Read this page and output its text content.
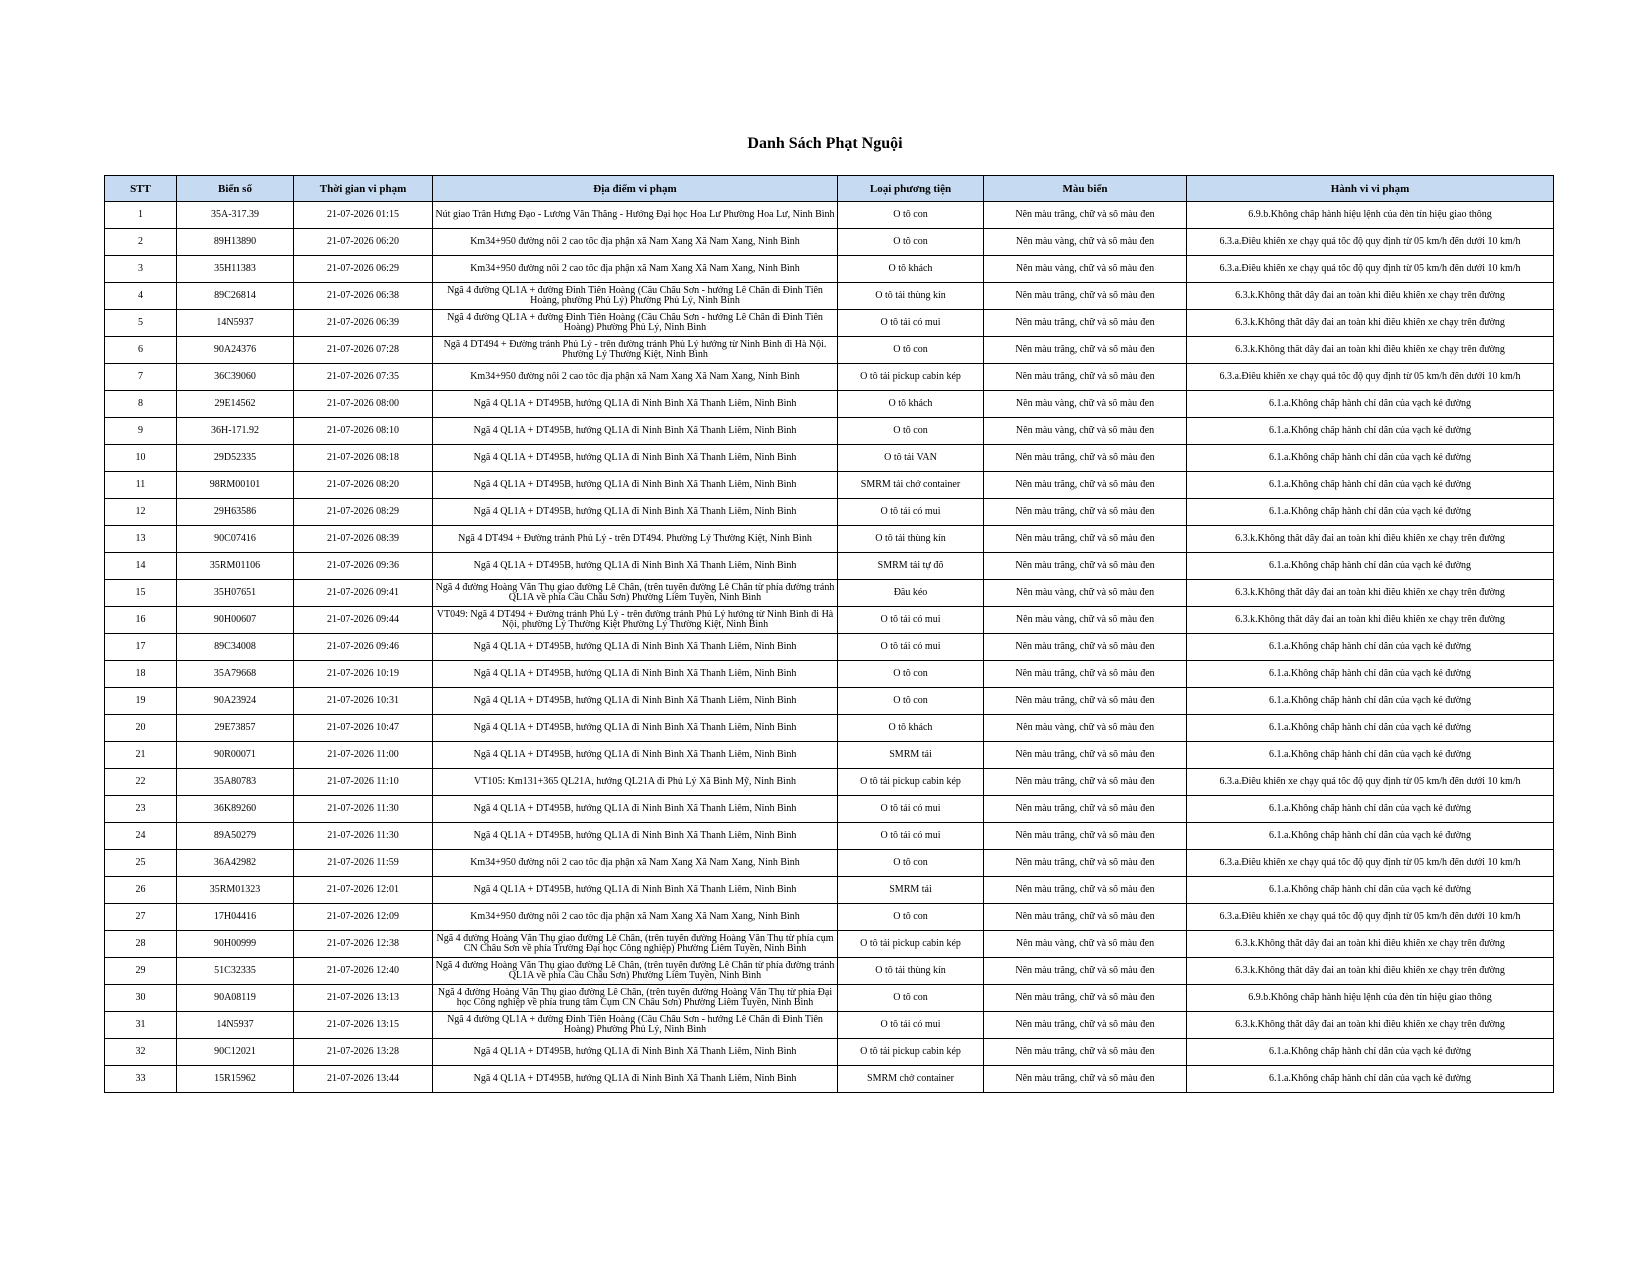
Danh Sách Phạt Nguội
STT	Biển số	Thời gian vi phạm	Địa điểm vi phạm	Loại phương tiện	Màu biển	Hành vi vi phạm

1	35A-317.39	21-07-2026 01:15	Nút giao Trần Hưng Đạo - Lương Văn Thăng - Hướng Đại học Hoa Lư Phường Hoa Lư, Ninh Bình	Ô tô con	Nền màu trắng, chữ và số màu đen	6.9.b.Không chấp hành hiệu lệnh của đèn tín hiệu giao thông

2	89H13890	21-07-2026 06:20	Km34+950 đường nối 2 cao tốc địa phận xã Nam Xang Xã Nam Xang, Ninh Bình	Ô tô con	Nền màu vàng, chữ và số màu đen	6.3.a.Điều khiển xe chạy quá tốc độ quy định từ 05 km/h đến dưới 10 km/h

3	35H11383	21-07-2026 06:29	Km34+950 đường nối 2 cao tốc địa phận xã Nam Xang Xã Nam Xang, Ninh Bình	Ô tô khách	Nền màu vàng, chữ và số màu đen	6.3.a.Điều khiển xe chạy quá tốc độ quy định từ 05 km/h đến dưới 10 km/h

4	89C26814	21-07-2026 06:38	Ngã 4 đường QL1A + đường Đinh Tiên Hoàng (Cầu Châu Sơn - hướng Lê Chân đi Đinh Tiên Hoàng, phường Phủ Lý) Phường Phủ Lý, Ninh Bình	Ô tô tải thùng kín	Nền màu trắng, chữ và số màu đen	6.3.k.Không thắt dây đai an toàn khi điều khiển xe chạy trên đường

5	14N5937	21-07-2026 06:39	Ngã 4 đường QL1A + đường Đinh Tiên Hoàng (Cầu Châu Sơn - hướng Lê Chân đi Đinh Tiên Hoàng) Phường Phủ Lý, Ninh Bình	Ô tô tải có mui	Nền màu trắng, chữ và số màu đen	6.3.k.Không thắt dây đai an toàn khi điều khiển xe chạy trên đường

6	90A24376	21-07-2026 07:28	Ngã 4 DT494 + Đường tránh Phủ Lý - trên đường tránh Phủ Lý hướng từ Ninh Bình đi Hà Nội. Phường Lý Thường Kiệt, Ninh Bình	Ô tô con	Nền màu trắng, chữ và số màu đen	6.3.k.Không thắt dây đai an toàn khi điều khiển xe chạy trên đường

7	36C39060	21-07-2026 07:35	Km34+950 đường nối 2 cao tốc địa phận xã Nam Xang Xã Nam Xang, Ninh Bình	Ô tô tải pickup cabin kép	Nền màu trắng, chữ và số màu đen	6.3.a.Điều khiển xe chạy quá tốc độ quy định từ 05 km/h đến dưới 10 km/h

8	29E14562	21-07-2026 08:00	Ngã 4 QL1A + DT495B, hướng QL1A đi Ninh Bình Xã Thanh Liêm, Ninh Bình	Ô tô khách	Nền màu vàng, chữ và số màu đen	6.1.a.Không chấp hành chỉ dẫn của vạch kẻ đường

9	36H-171.92	21-07-2026 08:10	Ngã 4 QL1A + DT495B, hướng QL1A đi Ninh Bình Xã Thanh Liêm, Ninh Bình	Ô tô con	Nền màu vàng, chữ và số màu đen	6.1.a.Không chấp hành chỉ dẫn của vạch kẻ đường

10	29D52335	21-07-2026 08:18	Ngã 4 QL1A + DT495B, hướng QL1A đi Ninh Bình Xã Thanh Liêm, Ninh Bình	Ô tô tải VAN	Nền màu trắng, chữ và số màu đen	6.1.a.Không chấp hành chỉ dẫn của vạch kẻ đường

11	98RM00101	21-07-2026 08:20	Ngã 4 QL1A + DT495B, hướng QL1A đi Ninh Bình Xã Thanh Liêm, Ninh Bình	SMRM tải chở container	Nền màu trắng, chữ và số màu đen	6.1.a.Không chấp hành chỉ dẫn của vạch kẻ đường

12	29H63586	21-07-2026 08:29	Ngã 4 QL1A + DT495B, hướng QL1A đi Ninh Bình Xã Thanh Liêm, Ninh Bình	Ô tô tải có mui	Nền màu trắng, chữ và số màu đen	6.1.a.Không chấp hành chỉ dẫn của vạch kẻ đường

13	90C07416	21-07-2026 08:39	Ngã 4 DT494 + Đường tránh Phủ Lý - trên DT494. Phường Lý Thường Kiệt, Ninh Bình	Ô tô tải thùng kín	Nền màu trắng, chữ và số màu đen	6.3.k.Không thắt dây đai an toàn khi điều khiển xe chạy trên đường

14	35RM01106	21-07-2026 09:36	Ngã 4 QL1A + DT495B, hướng QL1A đi Ninh Bình Xã Thanh Liêm, Ninh Bình	SMRM tải tự đổ	Nền màu trắng, chữ và số màu đen	6.1.a.Không chấp hành chỉ dẫn của vạch kẻ đường

15	35H07651	21-07-2026 09:41	Ngã 4 đường Hoàng Văn Thụ giao đường Lê Chân, (trên tuyến đường Lê Chân từ phía đường tránh QL1A về phía Cầu Châu Sơn) Phường Liêm Tuyền, Ninh Bình	Đầu kéo	Nền màu vàng, chữ và số màu đen	6.3.k.Không thắt dây đai an toàn khi điều khiển xe chạy trên đường

16	90H00607	21-07-2026 09:44	VT049: Ngã 4 DT494 + Đường tránh Phủ Lý - trên đường tránh Phủ Lý hướng từ Ninh Bình đi Hà Nội, phường Lý Thường Kiệt Phường Lý Thường Kiệt, Ninh Bình	Ô tô tải có mui	Nền màu vàng, chữ và số màu đen	6.3.k.Không thắt dây đai an toàn khi điều khiển xe chạy trên đường

17	89C34008	21-07-2026 09:46	Ngã 4 QL1A + DT495B, hướng QL1A đi Ninh Bình Xã Thanh Liêm, Ninh Bình	Ô tô tải có mui	Nền màu trắng, chữ và số màu đen	6.1.a.Không chấp hành chỉ dẫn của vạch kẻ đường

18	35A79668	21-07-2026 10:19	Ngã 4 QL1A + DT495B, hướng QL1A đi Ninh Bình Xã Thanh Liêm, Ninh Bình	Ô tô con	Nền màu trắng, chữ và số màu đen	6.1.a.Không chấp hành chỉ dẫn của vạch kẻ đường

19	90A23924	21-07-2026 10:31	Ngã 4 QL1A + DT495B, hướng QL1A đi Ninh Bình Xã Thanh Liêm, Ninh Bình	Ô tô con	Nền màu trắng, chữ và số màu đen	6.1.a.Không chấp hành chỉ dẫn của vạch kẻ đường

20	29E73857	21-07-2026 10:47	Ngã 4 QL1A + DT495B, hướng QL1A đi Ninh Bình Xã Thanh Liêm, Ninh Bình	Ô tô khách	Nền màu vàng, chữ và số màu đen	6.1.a.Không chấp hành chỉ dẫn của vạch kẻ đường

21	90R00071	21-07-2026 11:00	Ngã 4 QL1A + DT495B, hướng QL1A đi Ninh Bình Xã Thanh Liêm, Ninh Bình	SMRM tải	Nền màu trắng, chữ và số màu đen	6.1.a.Không chấp hành chỉ dẫn của vạch kẻ đường

22	35A80783	21-07-2026 11:10	VT105: Km131+365 QL21A, hướng QL21A đi Phủ Lý Xã Bình Mỹ, Ninh Bình	Ô tô tải pickup cabin kép	Nền màu trắng, chữ và số màu đen	6.3.a.Điều khiển xe chạy quá tốc độ quy định từ 05 km/h đến dưới 10 km/h

23	36K89260	21-07-2026 11:30	Ngã 4 QL1A + DT495B, hướng QL1A đi Ninh Bình Xã Thanh Liêm, Ninh Bình	Ô tô tải có mui	Nền màu trắng, chữ và số màu đen	6.1.a.Không chấp hành chỉ dẫn của vạch kẻ đường

24	89A50279	21-07-2026 11:30	Ngã 4 QL1A + DT495B, hướng QL1A đi Ninh Bình Xã Thanh Liêm, Ninh Bình	Ô tô tải có mui	Nền màu trắng, chữ và số màu đen	6.1.a.Không chấp hành chỉ dẫn của vạch kẻ đường

25	36A42982	21-07-2026 11:59	Km34+950 đường nối 2 cao tốc địa phận xã Nam Xang Xã Nam Xang, Ninh Bình	Ô tô con	Nền màu trắng, chữ và số màu đen	6.3.a.Điều khiển xe chạy quá tốc độ quy định từ 05 km/h đến dưới 10 km/h

26	35RM01323	21-07-2026 12:01	Ngã 4 QL1A + DT495B, hướng QL1A đi Ninh Bình Xã Thanh Liêm, Ninh Bình	SMRM tải	Nền màu trắng, chữ và số màu đen	6.1.a.Không chấp hành chỉ dẫn của vạch kẻ đường

27	17H04416	21-07-2026 12:09	Km34+950 đường nối 2 cao tốc địa phận xã Nam Xang Xã Nam Xang, Ninh Bình	Ô tô con	Nền màu trắng, chữ và số màu đen	6.3.a.Điều khiển xe chạy quá tốc độ quy định từ 05 km/h đến dưới 10 km/h

28	90H00999	21-07-2026 12:38	Ngã 4 đường Hoàng Văn Thụ giao đường Lê Chân, (trên tuyến đường Hoàng Văn Thụ từ phía cụm CN Châu Sơn về phía Trường Đại học Công nghiệp) Phường Liêm Tuyền, Ninh Bình	Ô tô tải pickup cabin kép	Nền màu vàng, chữ và số màu đen	6.3.k.Không thắt dây đai an toàn khi điều khiển xe chạy trên đường

29	51C32335	21-07-2026 12:40	Ngã 4 đường Hoàng Văn Thụ giao đường Lê Chân, (trên tuyến đường Lê Chân từ phía đường tránh QL1A về phía Cầu Châu Sơn) Phường Liêm Tuyền, Ninh Bình	Ô tô tải thùng kín	Nền màu trắng, chữ và số màu đen	6.3.k.Không thắt dây đai an toàn khi điều khiển xe chạy trên đường

30	90A08119	21-07-2026 13:13	Ngã 4 đường Hoàng Văn Thụ giao đường Lê Chân, (trên tuyến đường Hoàng Văn Thụ từ phía Đại học Công nghiệp về phía trung tâm Cụm CN Châu Sơn) Phường Liêm Tuyền, Ninh Bình	Ô tô con	Nền màu trắng, chữ và số màu đen	6.9.b.Không chấp hành hiệu lệnh của đèn tín hiệu giao thông

31	14N5937	21-07-2026 13:15	Ngã 4 đường QL1A + đường Đinh Tiên Hoàng (Cầu Châu Sơn - hướng Lê Chân đi Đinh Tiên Hoàng) Phường Phủ Lý, Ninh Bình	Ô tô tải có mui	Nền màu trắng, chữ và số màu đen	6.3.k.Không thắt dây đai an toàn khi điều khiển xe chạy trên đường

32	90C12021	21-07-2026 13:28	Ngã 4 QL1A + DT495B, hướng QL1A đi Ninh Bình Xã Thanh Liêm, Ninh Bình	Ô tô tải pickup cabin kép	Nền màu trắng, chữ và số màu đen	6.1.a.Không chấp hành chỉ dẫn của vạch kẻ đường

33	15R15962	21-07-2026 13:44	Ngã 4 QL1A + DT495B, hướng QL1A đi Ninh Bình Xã Thanh Liêm, Ninh Bình	SMRM chở container	Nền màu trắng, chữ và số màu đen	6.1.a.Không chấp hành chỉ dẫn của vạch kẻ đường
